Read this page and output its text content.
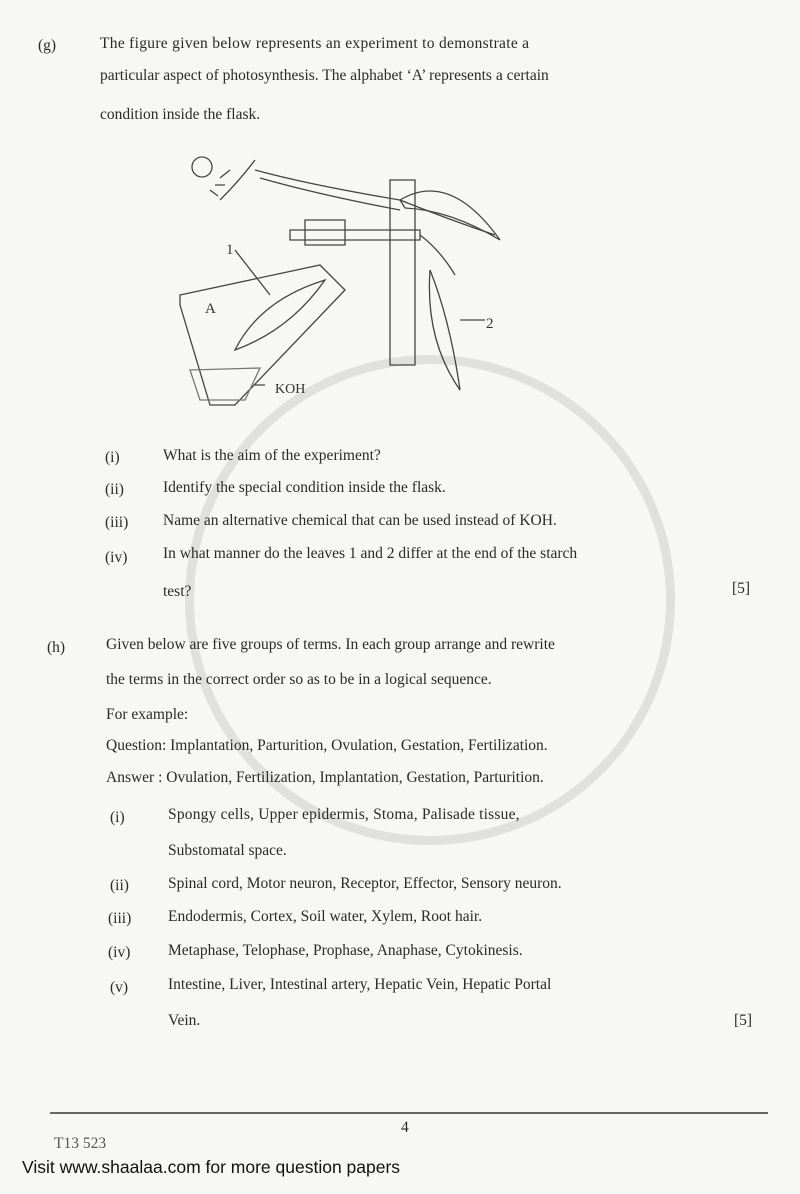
(g)	The figure given below represents an experiment to demonstrate a
particular aspect of photosynthesis. The alphabet ‘A’ represents a certain
condition inside the flask.
1
2
A
KOH
(i)	What is the aim of the experiment?
(ii)	Identify the special condition inside the flask.
(iii) Name an alternative chemical that can be used instead of KOH.
(iv) In what manner do the leaves 1 and 2 differ at the end of the starch
test?	[5]
(h)	Given below are five groups of terms. In each group arrange and rewrite
the terms in the correct order so as to be in a logical sequence.
For example:
Question: Implantation, Parturition, Ovulation, Gestation, Fertilization.
Answer : Ovulation, Fertilization, Implantation, Gestation, Parturition.
(i)	Spongy cells, Upper epidermis, Stoma, Palisade tissue,
Substomatal space.
(ii)	Spinal cord, Motor neuron, Receptor, Effector, Sensory neuron.
(iii) Endodermis, Cortex, Soil water, Xylem, Root hair.
(iv) Metaphase, Telophase, Prophase, Anaphase, Cytokinesis.
(v)	Intestine, Liver, Intestinal artery, Hepatic Vein, Hepatic Portal
Vein.	[5]
4
T13 523
Visit www.shaalaa.com for more question papers
